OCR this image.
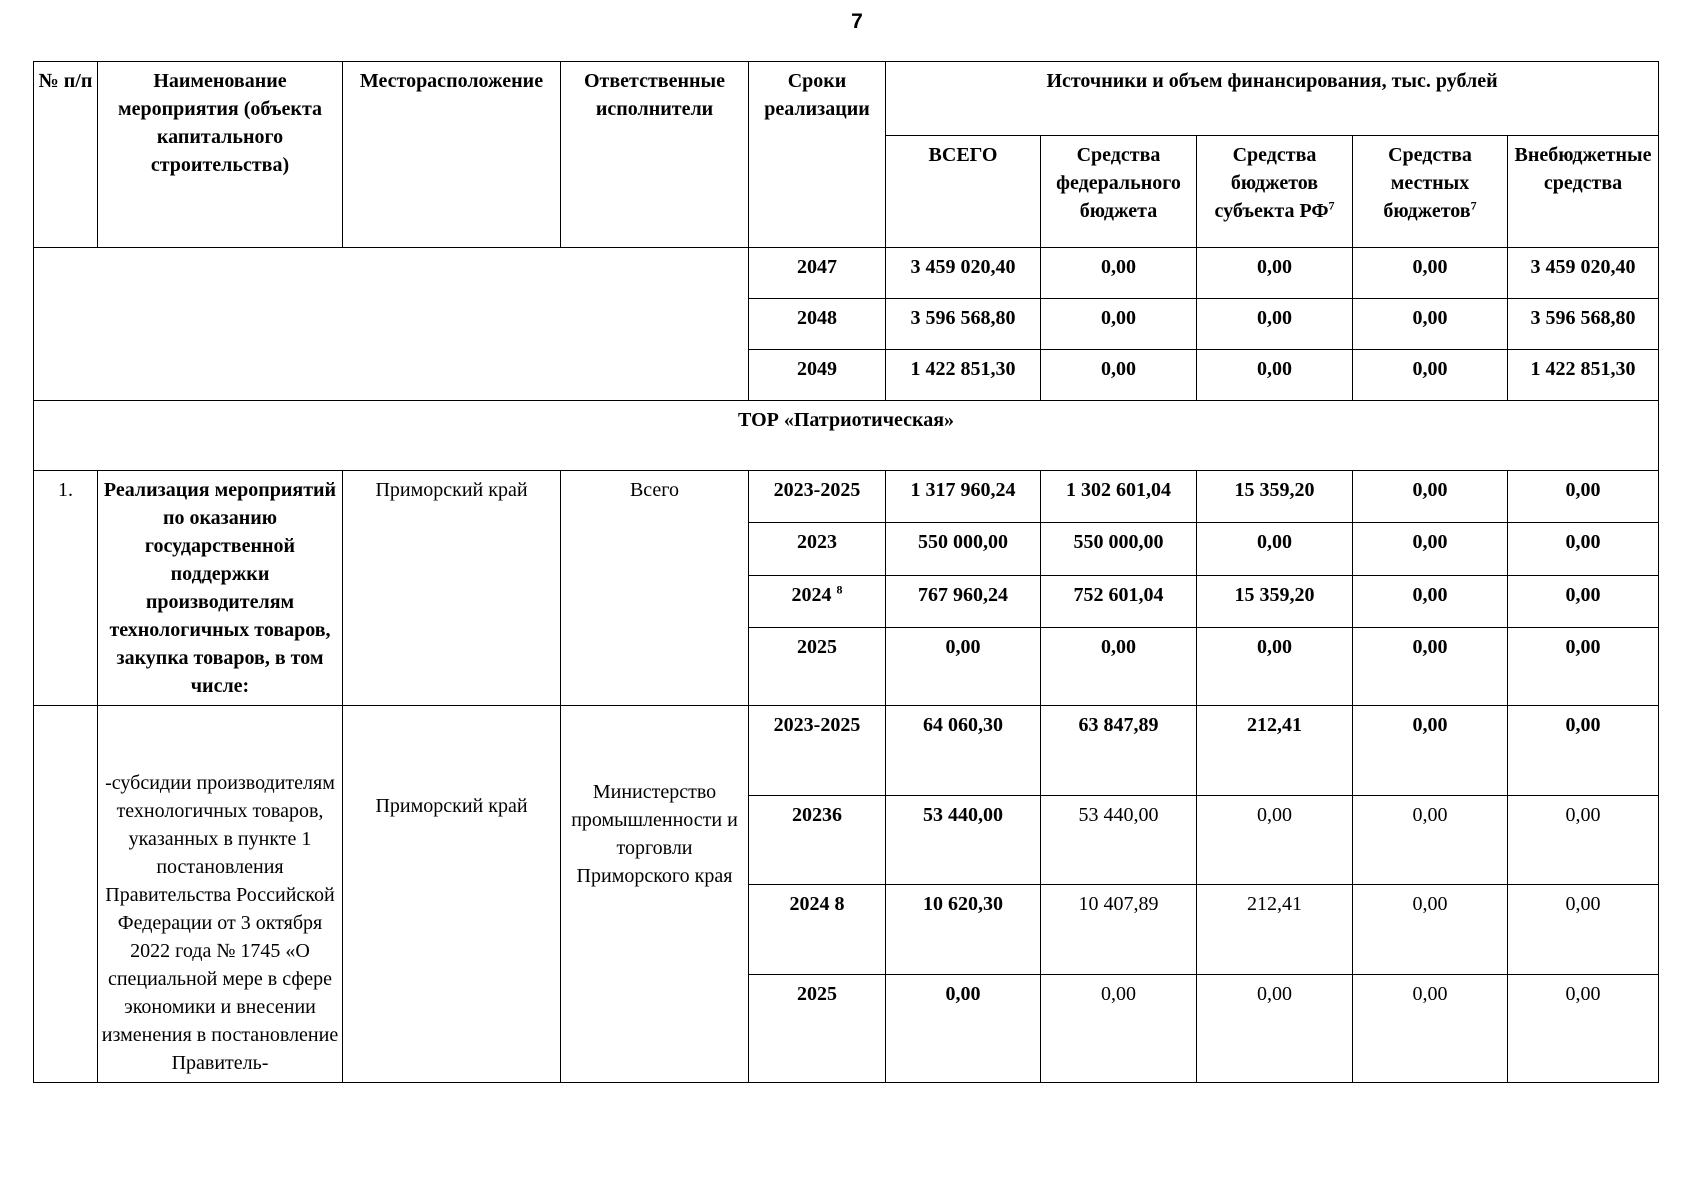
7
№ п/п	Наименование мероприятия (объекта капитального строительства)	Месторасположение	Ответственные исполнители	Сроки реализации	Источники и объем финансирования, тыс. рублей				
					ВСЕГО	Средства федерального бюджета	Средства бюджетов субъекта $РФ^7$	Средства местных бюджетов$^7$	Внебюджетные средства
				2047	3 459 020,40	0,00	0,00	0,00	3 459 020,40
				2048	3 596 568,80	0,00	0,00	0,00	3 596 568,80
				2049	1 422 851,30	0,00	0,00	0,00	1 422 851,30
ТОР «Патриотическая»									
1.	Реализация мероприятий по оказанию государственной поддержки производителям технологичных товаров, закупка товаров, в том числе:	Приморский край	Всего	2023-2025	1 317 960,24	1 302 601,04	15 359,20	0,00	0,00
				2023	550 000,00	550 000,00	0,00	0,00	0,00
				2024 $^8$	767 960,24	752 601,04	15 359,20	0,00	0,00
				2025	0,00	0,00	0,00	0,00	0,00
	-субсидии производителям технологичных товаров, указанных в пункте 1 постановления Правительства Российской Федерации от 3 октября 2022 года № 1745 «О специальной мере в сфере экономики и внесении изменения в постановление Правитель-	Приморский край	Министерство промышленности и торговли Приморского края	2023-2025	64 060,30	63 847,89	212,41	0,00	0,00
				20236	53 440,00	53 440,00	0,00	0,00	0,00
				2024 8	10 620,30	10 407,89	212,41	0,00	0,00
				2025	0,00	0,00	0,00	0,00	0,00
